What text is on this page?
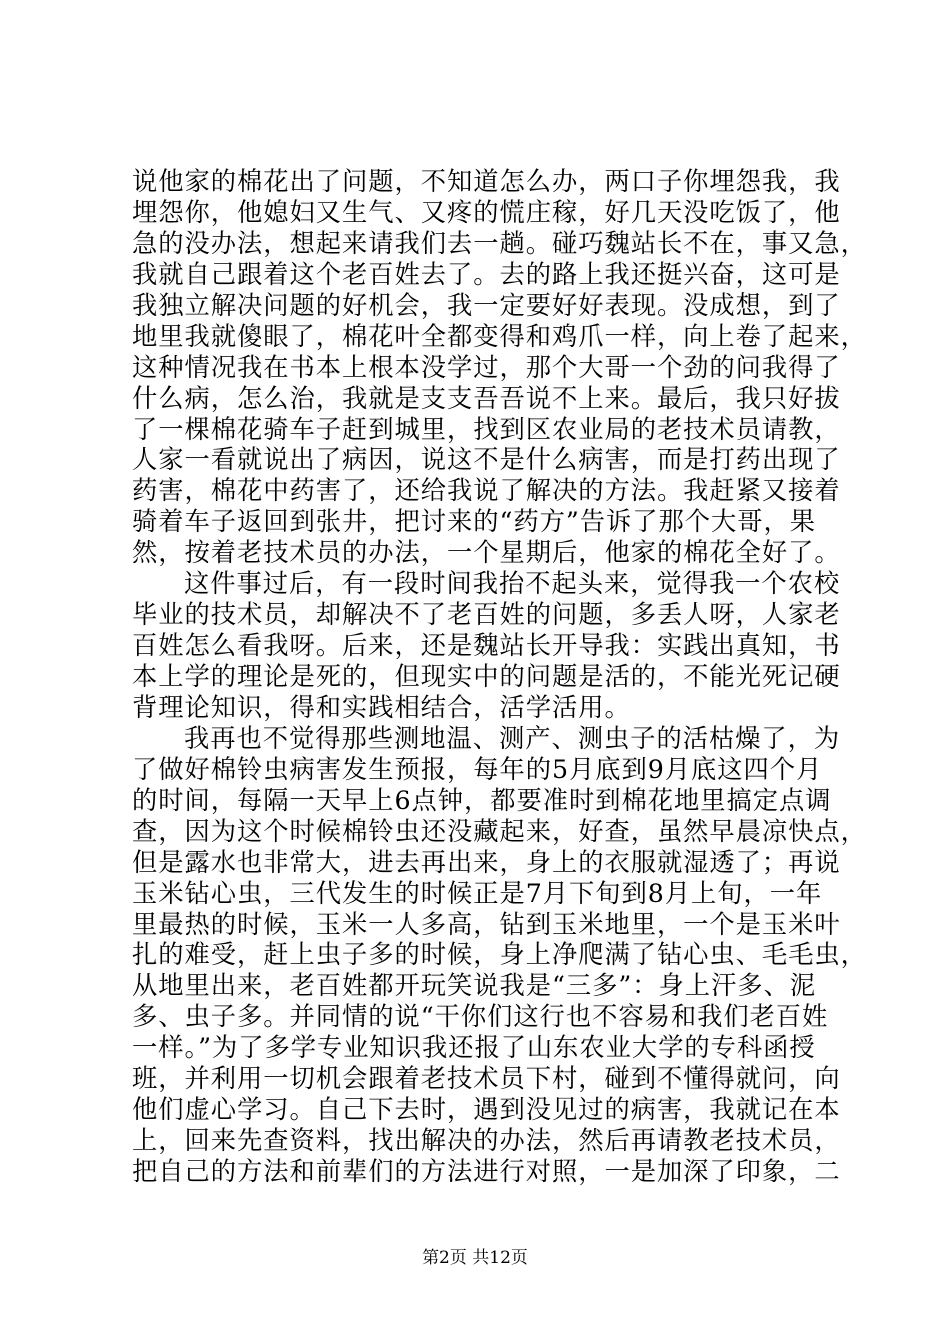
说他家的棉花出了问题，不知道怎么办，两口子你埋怨我，我
埋怨你，他媳妇又生气、又疼的慌庄稼，好几天没吃饭了，他
急的没办法，想起来请我们去一趟。碰巧魏站长不在，事又急，
我就自己跟着这个老百姓去了。去的路上我还挺兴奋，这可是
我独立解决问题的好机会，我一定要好好表现。没成想，到了
地里我就傻眼了，棉花叶全都变得和鸡爪一样，向上卷了起来，
这种情况我在书本上根本没学过，那个大哥一个劲的问我得了
什么病，怎么治，我就是支支吾吾说不上来。最后，我只好拔
了一棵棉花骑车子赶到城里，找到区农业局的老技术员请教，
人家一看就说出了病因，说这不是什么病害，而是打药出现了
药害，棉花中药害了，还给我说了解决的方法。我赶紧又接着
骑着车子返回到张井，把讨来的“药方”告诉了那个大哥，果
然，按着老技术员的办法，一个星期后，他家的棉花全好了。
这件事过后，有一段时间我抬不起头来，觉得我一个农校
毕业的技术员，却解决不了老百姓的问题，多丢人呀，人家老
百姓怎么看我呀。后来，还是魏站长开导我：实践出真知，书
本上学的理论是死的，但现实中的问题是活的，不能光死记硬
背理论知识，得和实践相结合，活学活用。
我再也不觉得那些测地温、测产、测虫子的活枯燥了，为
了做好棉铃虫病害发生预报，每年的5月底到9月底这四个月
的时间，每隔一天早上6点钟，都要准时到棉花地里搞定点调
查，因为这个时候棉铃虫还没藏起来，好查，虽然早晨凉快点，
但是露水也非常大，进去再出来，身上的衣服就湿透了；再说
玉米钻心虫，三代发生的时候正是7月下旬到8月上旬，一年
里最热的时候，玉米一人多高，钻到玉米地里，一个是玉米叶
扎的难受，赶上虫子多的时候，身上净爬满了钻心虫、毛毛虫，
从地里出来，老百姓都开玩笑说我是“三多”：身上汗多、泥
多、虫子多。并同情的说“干你们这行也不容易和我们老百姓
一样。”为了多学专业知识我还报了山东农业大学的专科函授
班，并利用一切机会跟着老技术员下村，碰到不懂得就问，向
他们虚心学习。自己下去时，遇到没见过的病害，我就记在本
上，回来先查资料，找出解决的办法，然后再请教老技术员，
把自己的方法和前辈们的方法进行对照，一是加深了印象，二
第2页 共12页
